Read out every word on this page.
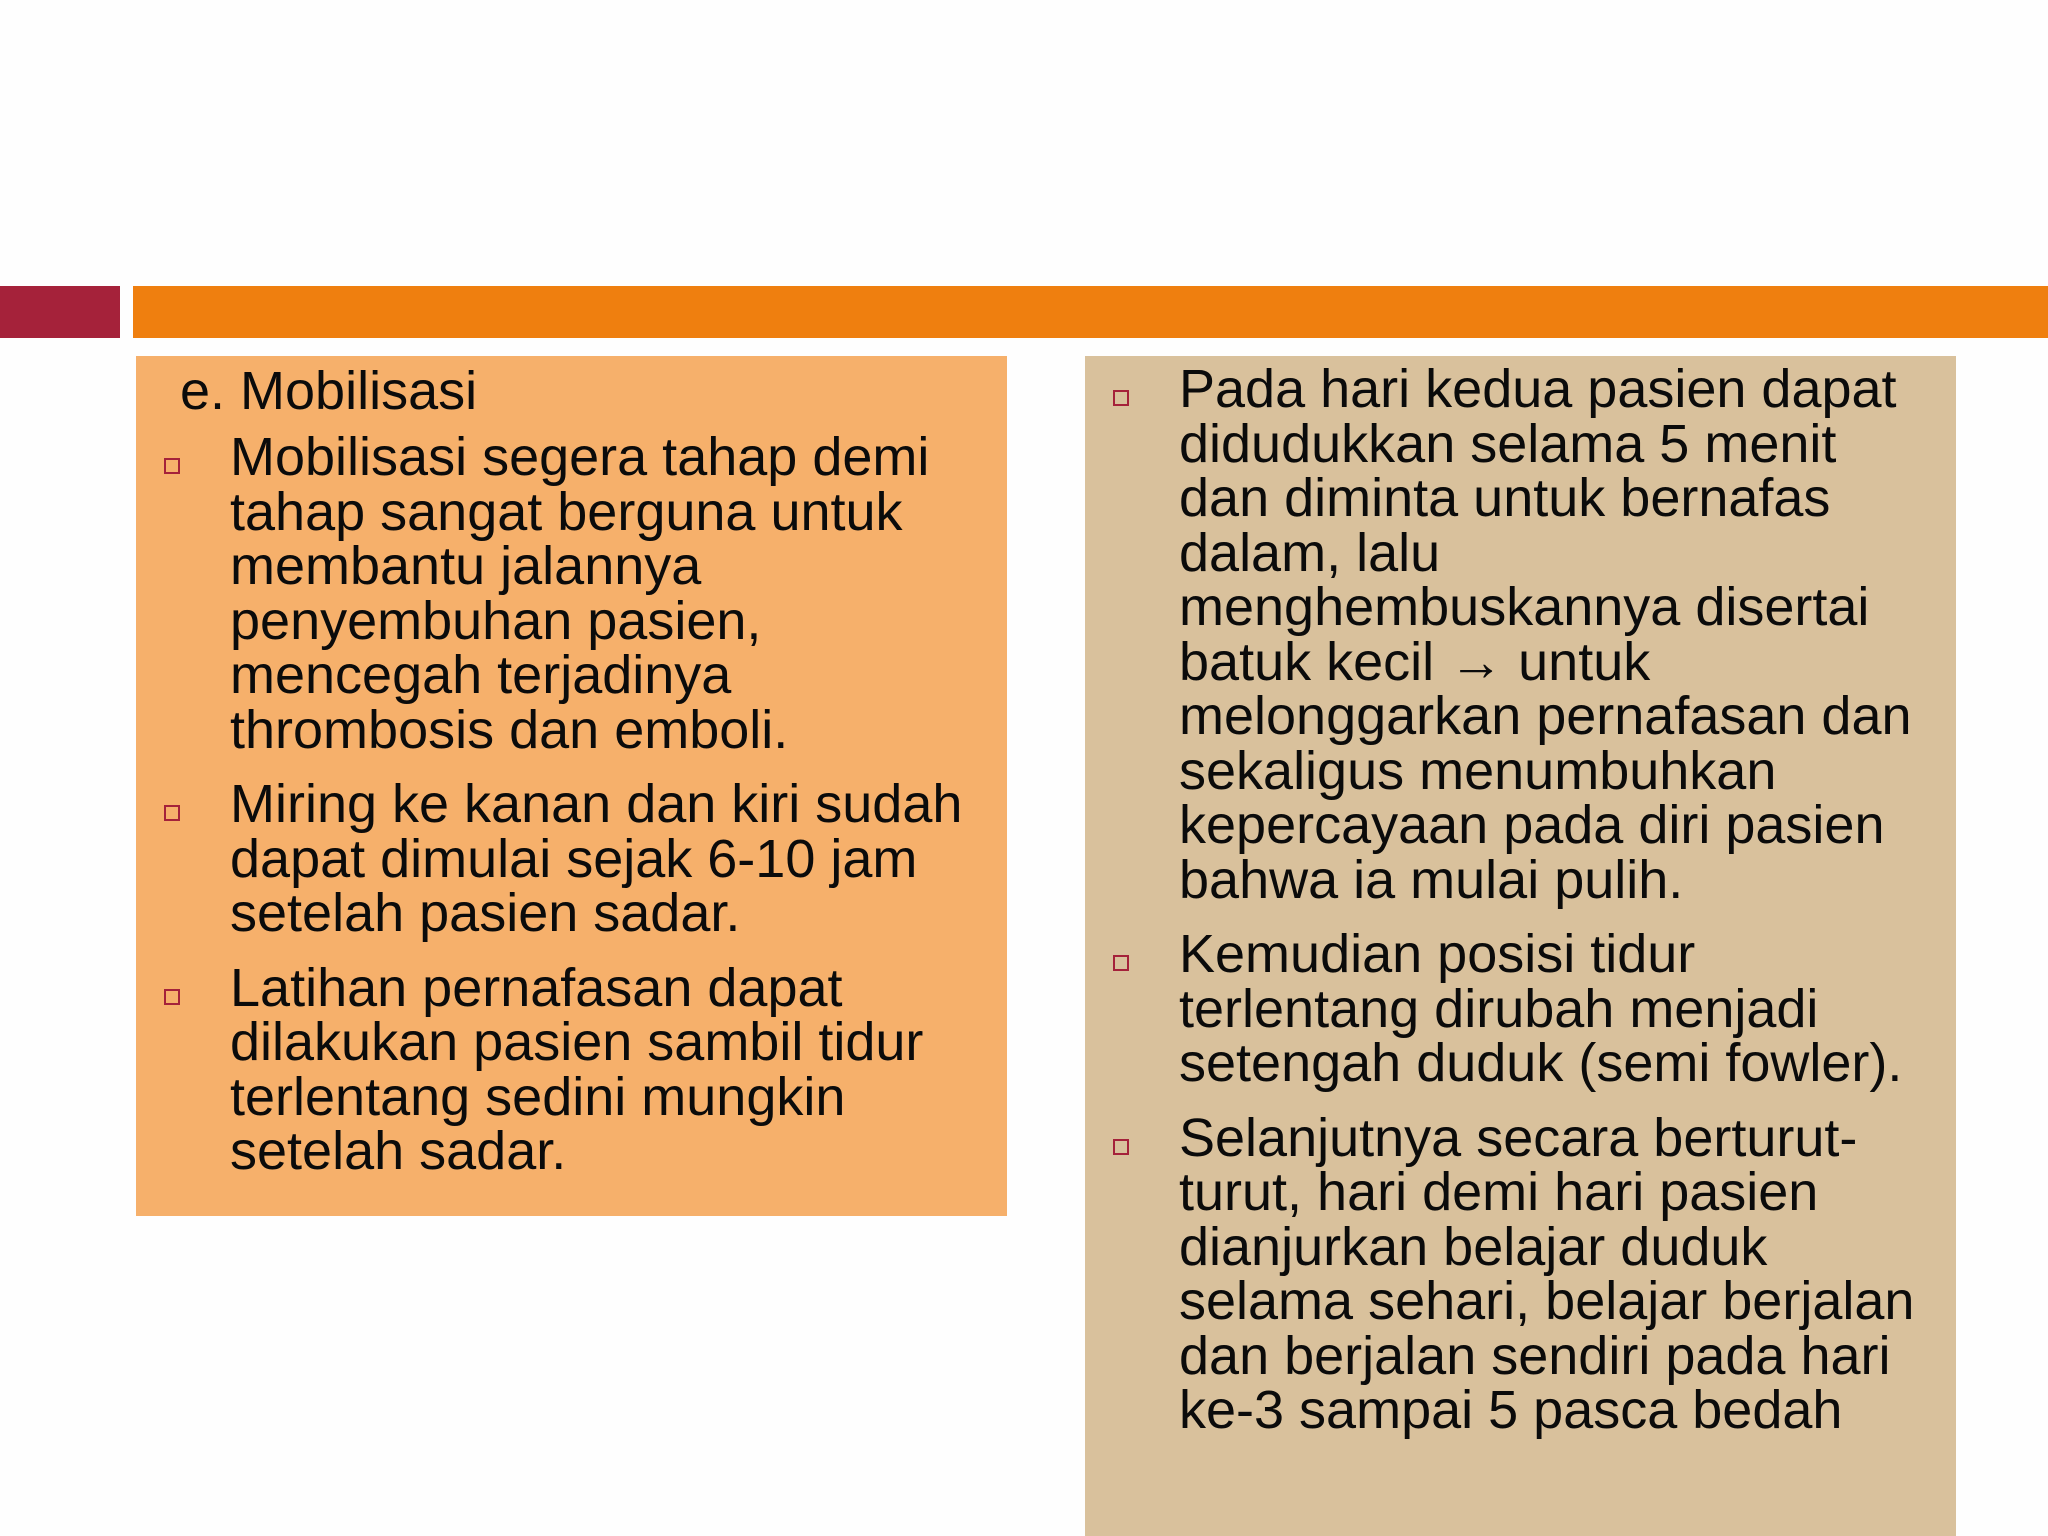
e. Mobilisasi
Mobilisasi segera tahap demi tahap sangat berguna untuk membantu jalannya penyembuhan pasien, mencegah terjadinya thrombosis dan emboli.
Miring ke kanan dan kiri sudah dapat dimulai sejak 6-10 jam setelah pasien sadar.
Latihan pernafasan dapat dilakukan pasien sambil tidur terlentang sedini mungkin setelah sadar.
Pada hari kedua pasien dapat didudukkan selama 5 menit dan diminta untuk bernafas dalam, lalu menghembuskannya disertai batuk kecil → untuk melonggarkan pernafasan dan sekaligus menumbuhkan kepercayaan pada diri pasien bahwa ia mulai pulih.
Kemudian posisi tidur terlentang dirubah menjadi setengah duduk (semi fowler).
Selanjutnya secara berturut-turut, hari demi hari pasien dianjurkan belajar duduk selama sehari, belajar berjalan dan berjalan sendiri pada hari ke-3 sampai 5 pasca bedah
